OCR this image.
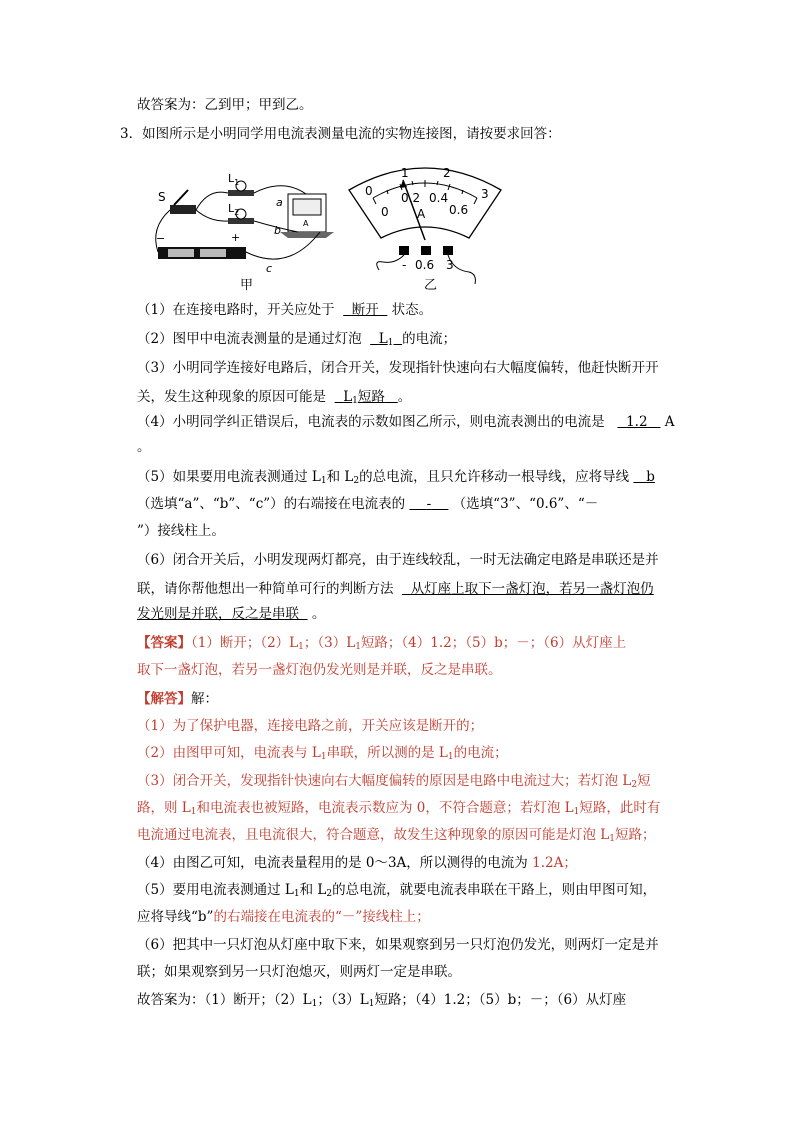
故答案为：乙到甲；甲到乙。
3．如图所示是小明同学用电流表测量电流的实物连接图，请按要求回答：
−	+
S
$L_1$
$L_2$
A
a
b
c
甲
0
1	2
3
0
0.2 0.4
0.6
A
- 0.6 3
乙
（1）在连接电路时，开关应处于 断开 状态。
（2）图甲中电流表测量的是通过灯泡 $L_1$ 的电流；
（3）小明同学连接好电路后，闭合开关，发现指针快速向右大幅度偏转，他赶快断开开
关，发生这种现象的原因可能是 $L_1$短路 。
（4）小明同学纠正错误后，电流表的示数如图乙所示，则电流表测出的电流是 1.2 A
。
（5）如果要用电流表测通过 $L_1$和 $L_2$的总电流，且只允许移动一根导线，应将导线 b
（选填“a”、“b”、“c”）的右端接在电流表的 - （选填“3”、“0.6”、“－
”）接线柱上。
（6）闭合开关后，小明发现两灯都亮，由于连线较乱，一时无法确定电路是串联还是并
联，请你帮他想出一种简单可行的判断方法 从灯座上取下一盏灯泡，若另一盏灯泡仍
发光则是并联，反之是串联 。
【答案】（1）断开；$(2)L_1$；$(3)L_1$短路；（4）1.2；（5）b；－；（6）从灯座上
取下一盏灯泡，若另一盏灯泡仍发光则是并联，反之是串联。
【解答】解：
（1）为了保护电器，连接电路之前，开关应该是断开的；
（2）由图甲可知，电流表与 $L_1$串联，所以测的是 $L_1$的电流；
（3）闭合开关，发现指针快速向右大幅度偏转的原因是电路中电流过大；若灯泡 $L_2$短
路，则 $L_1$和电流表也被短路，电流表示数应为 0，不符合题意；若灯泡 $L_1$短路，此时有
电流通过电流表，且电流很大，符合题意，故发生这种现象的原因可能是灯泡 $L_1$短路；
（4）由图乙可知，电流表量程用的是 0～3A，所以测得的电流为 1.2A；
（5）要用电流表测通过 $L_1$和 $L_2$的总电流，就要电流表串联在干路上，则由甲图可知，
应将导线“b”的右端接在电流表的“－”接线柱上；
（6）把其中一只灯泡从灯座中取下来，如果观察到另一只灯泡仍发光，则两灯一定是并
联；如果观察到另一只灯泡熄灭，则两灯一定是串联。
故答案为：（1）断开；$(2)L_1$；$(3)L_1$短路；（4）1.2；（5）b；－；（6）从灯座
